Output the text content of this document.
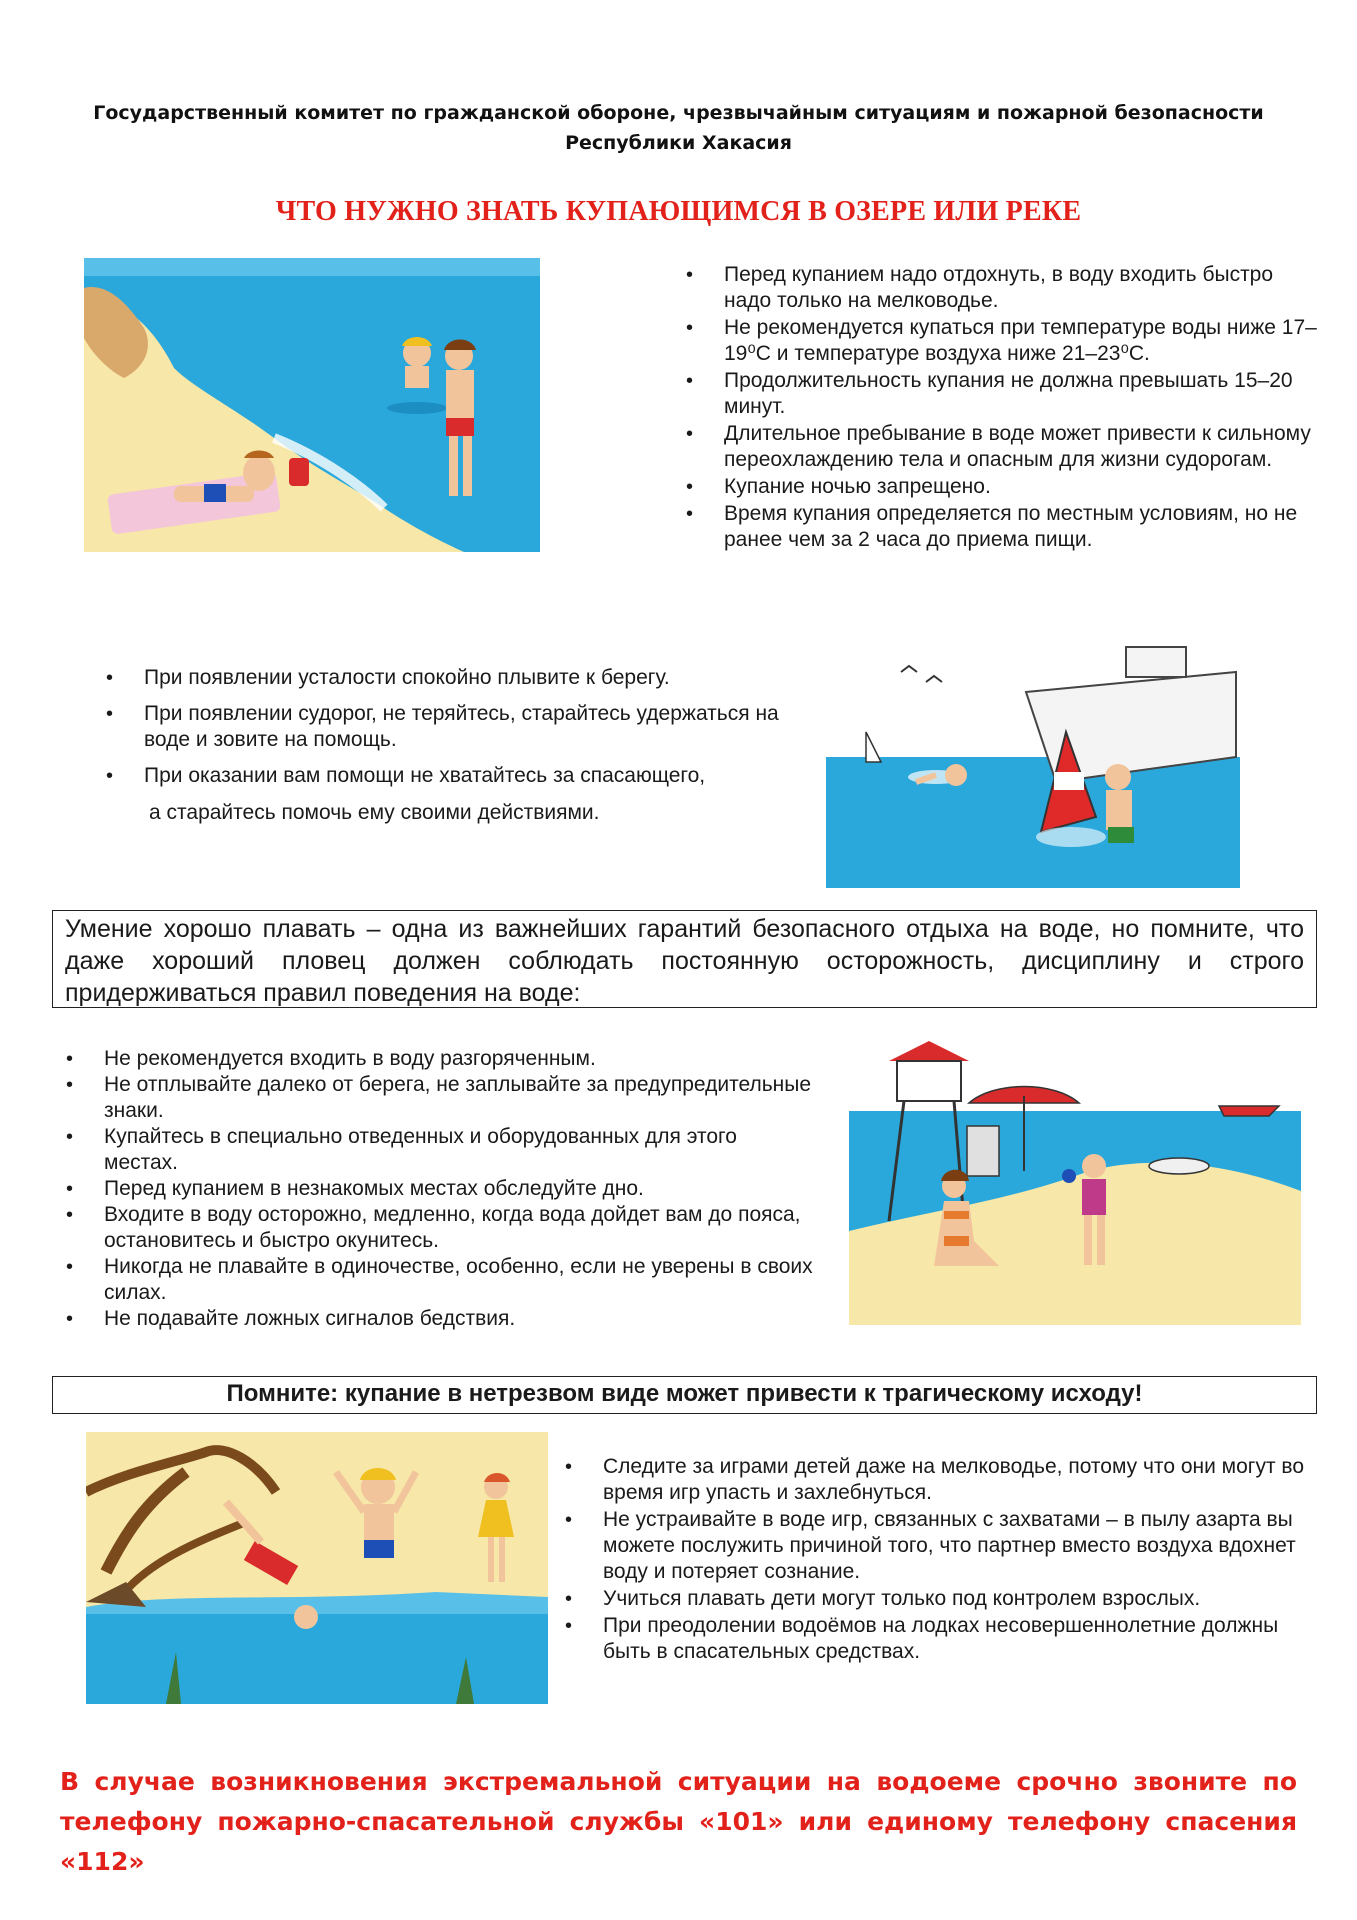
Государственный комитет по гражданской обороне, чрезвычайным ситуациям и пожарной безопасности
Республики Хакасия
ЧТО НУЖНО ЗНАТЬ КУПАЮЩИМСЯ В ОЗЕРЕ ИЛИ РЕКЕ
• Перед купанием надо отдохнуть, в воду входить быстро надо только на мелководье.
• Не рекомендуется купаться при температуре воды ниже 17–19⁰С и температуре воздуха ниже 21–23⁰С.
• Продолжительность купания не должна превышать 15–20 минут.
• Длительное пребывание в воде может привести к сильному переохлаждению тела и опасным для жизни судорогам.
• Купание ночью запрещено.
• Время купания определяется по местным условиям, но не ранее чем за 2 часа до приема пищи.
• При появлении усталости спокойно плывите к берегу.
• При появлении судорог, не теряйтесь, старайтесь удержаться на воде и зовите на помощь.
• При оказании вам помощи не хватайтесь за спасающего,
а старайтесь помочь ему своими действиями.

Умение хорошо плавать – одна из важнейших гарантий безопасного отдыха на воде, но помните, что даже хороший пловец должен соблюдать постоянную осторожность, дисциплину и строго придерживаться правил поведения на воде:

• Не рекомендуется входить в воду разгоряченным.
• Не отплывайте далеко от берега, не заплывайте за предупредительные знаки.
• Купайтесь в специально отведенных и оборудованных для этого местах.
• Перед купанием в незнакомых местах обследуйте дно.
• Входите в воду осторожно, медленно, когда вода дойдет вам до пояса, остановитесь и быстро окунитесь.
• Никогда не плавайте в одиночестве, особенно, если не уверены в своих силах.
• Не подавайте ложных сигналов бедствия.
Помните: купание в нетрезвом виде может привести к трагическому исходу!
• Следите за играми детей даже на мелководье, потому что они могут во время игр упасть и захлебнуться.
• Не устраивайте в воде игр, связанных с захватами – в пылу азарта вы можете послужить причиной того, что партнер вместо воздуха вдохнет воду и потеряет сознание.
• Учиться плавать дети могут только под контролем взрослых.
• При преодолении водоёмов на лодках несовершеннолетние должны быть в спасательных средствах.
В случае возникновения экстремальной ситуации на водоеме срочно звоните по телефону пожарно-спасательной службы «101» или единому телефону спасения «112»
